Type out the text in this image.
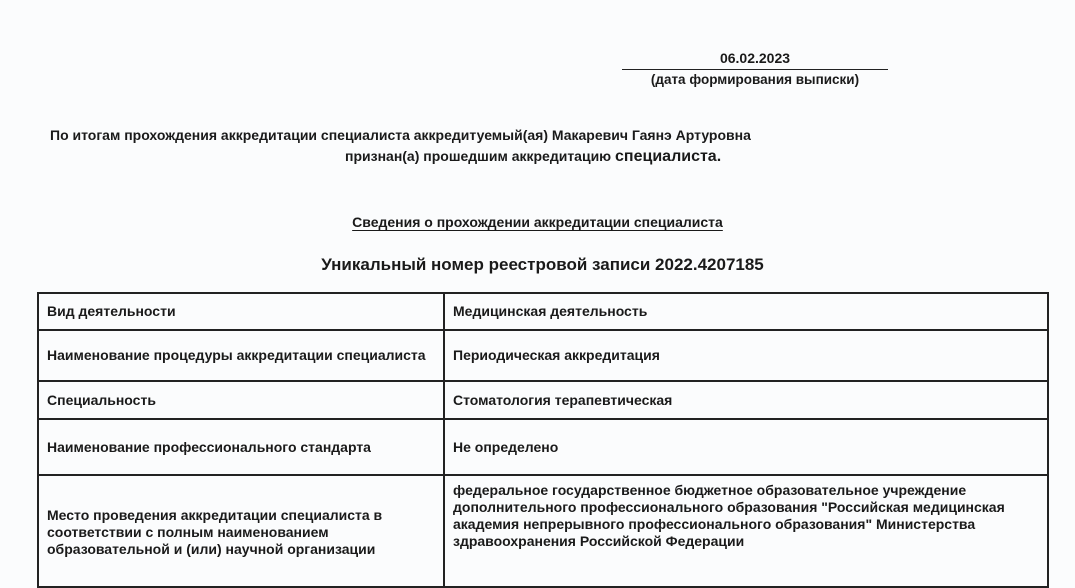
06.02.2023
(дата формирования выписки)
По итогам прохождения аккредитации специалиста аккредитуемый(ая) Макаревич Гаянэ Артуровна
признан(а) прошедшим аккредитацию специалиста.
Сведения о прохождении аккредитации специалиста
Уникальный номер реестровой записи 2022.4207185
Вид деятельности	Медицинская деятельность
Наименование процедуры аккредитации специалиста	Периодическая аккредитация
Специальность	Стоматология терапевтическая
Наименование профессионального стандарта	Не определено
Место проведения аккредитации специалиста в соответствии с полным наименованием образовательной и (или) научной организации	федеральное государственное бюджетное образовательное учреждение дополнительного профессионального образования "Российская медицинская академия непрерывного профессионального образования" Министерства здравоохранения Российской Федерации
